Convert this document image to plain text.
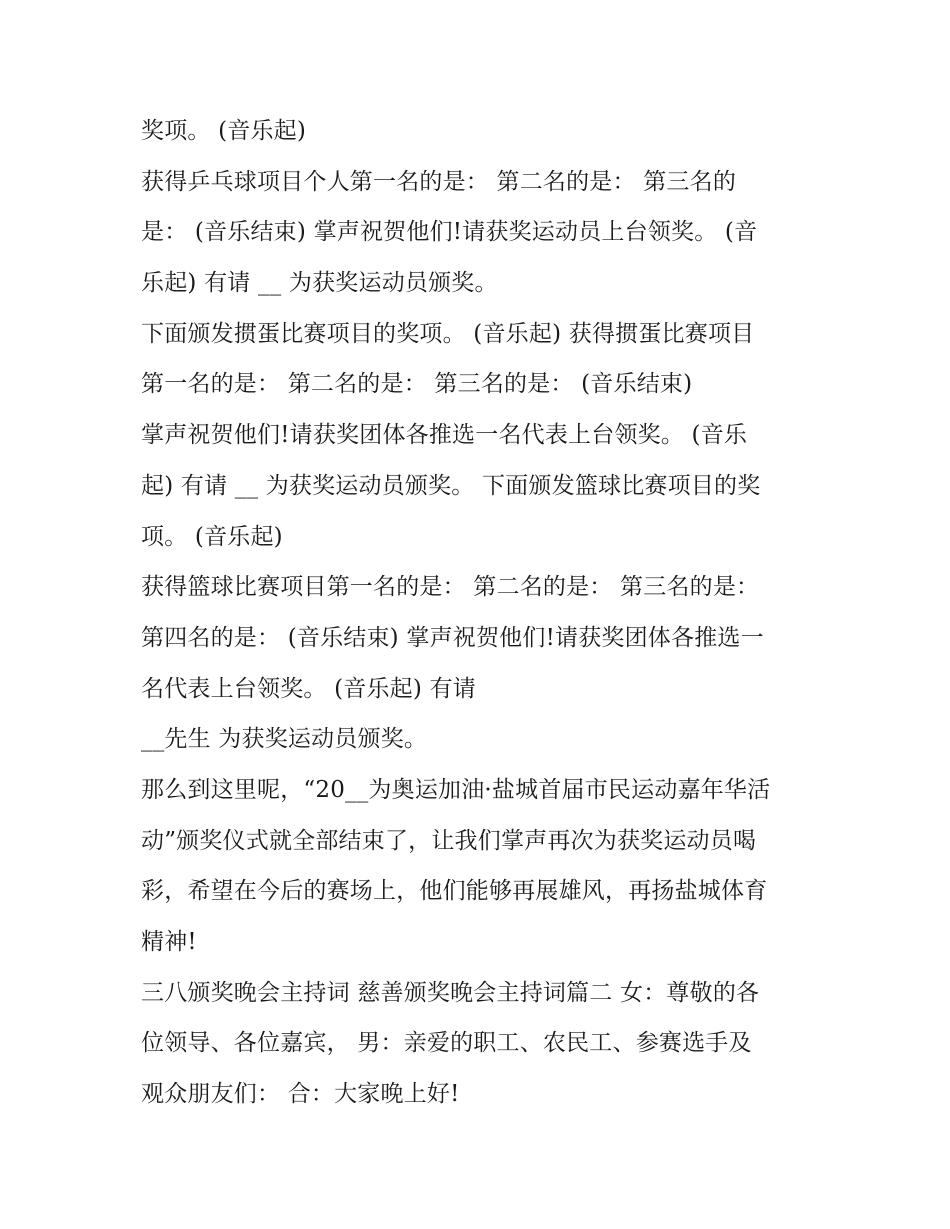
奖项。 (音乐起)
获得乒乓球项目个人第一名的是： 第二名的是： 第三名的
是： (音乐结束) 掌声祝贺他们!请获奖运动员上台领奖。 (音
乐起) 有请 __ 为获奖运动员颁奖。
下面颁发掼蛋比赛项目的奖项。 (音乐起) 获得掼蛋比赛项目
第一名的是： 第二名的是： 第三名的是： (音乐结束)
掌声祝贺他们!请获奖团体各推选一名代表上台领奖。 (音乐
起) 有请 __ 为获奖运动员颁奖。 下面颁发篮球比赛项目的奖
项。 (音乐起)
获得篮球比赛项目第一名的是： 第二名的是： 第三名的是：
第四名的是： (音乐结束) 掌声祝贺他们!请获奖团体各推选一
名代表上台领奖。 (音乐起) 有请
__先生 为获奖运动员颁奖。
那么到这里呢，“20__为奥运加油·盐城首届市民运动嘉年华活
动”颁奖仪式就全部结束了，让我们掌声再次为获奖运动员喝
彩，希望在今后的赛场上，他们能够再展雄风，再扬盐城体育
精神!
三八颁奖晚会主持词 慈善颁奖晚会主持词篇二 女：尊敬的各
位领导、各位嘉宾， 男：亲爱的职工、农民工、参赛选手及
观众朋友们： 合：大家晚上好!
